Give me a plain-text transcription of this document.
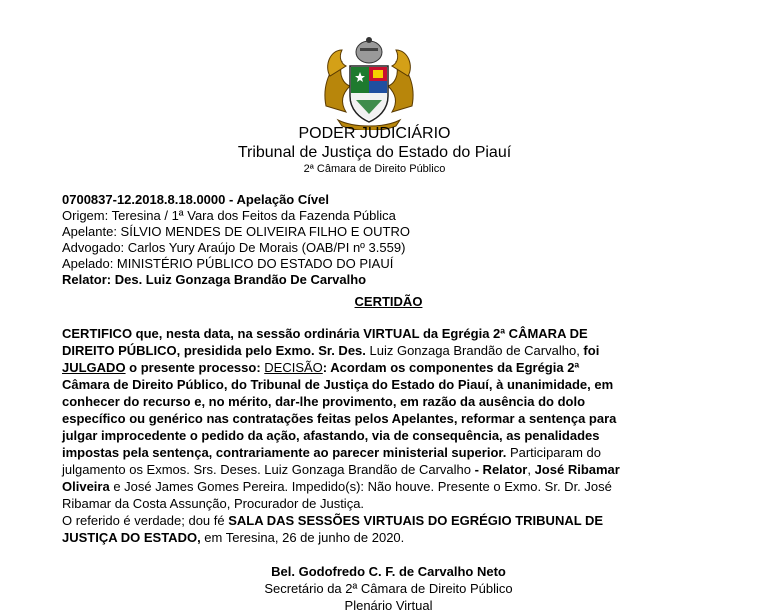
PODER JUDICIÁRIO
Tribunal de Justiça do Estado do Piauí
2ª Câmara de Direito Público
0700837-12.2018.8.18.0000 - Apelação Cível
Origem: Teresina / 1ª Vara dos Feitos da Fazenda Pública
Apelante: SÍLVIO MENDES DE OLIVEIRA FILHO E OUTRO
Advogado: Carlos Yury Araújo De Morais (OAB/PI nº 3.559)
Apelado: MINISTÉRIO PÚBLICO DO ESTADO DO PIAUÍ
Relator: Des. Luiz Gonzaga Brandão De Carvalho
CERTIDÃO
CERTIFICO que, nesta data, na sessão ordinária VIRTUAL da Egrégia 2ª CÂMARA DE
DIREITO PÚBLICO, presidida pelo Exmo. Sr. Des. Luiz Gonzaga Brandão de Carvalho, foi
JULGADO o presente processo: DECISÃO: Acordam os componentes da Egrégia 2ª
Câmara de Direito Público, do Tribunal de Justiça do Estado do Piauí, à unanimidade, em
conhecer do recurso e, no mérito, dar-lhe provimento, em razão da ausência do dolo
específico ou genérico nas contratações feitas pelos Apelantes, reformar a sentença para
julgar improcedente o pedido da ação, afastando, via de consequência, as penalidades
impostas pela sentença, contrariamente ao parecer ministerial superior. Participaram do
julgamento os Exmos. Srs. Deses. Luiz Gonzaga Brandão de Carvalho - Relator, José Ribamar
Oliveira e José James Gomes Pereira. Impedido(s): Não houve. Presente o Exmo. Sr. Dr. José
Ribamar da Costa Assunção, Procurador de Justiça.
O referido é verdade; dou fé SALA DAS SESSÕES VIRTUAIS DO EGRÉGIO TRIBUNAL DE
JUSTIÇA DO ESTADO, em Teresina, 26 de junho de 2020.
Bel. Godofredo C. F. de Carvalho Neto
Secretário da 2ª Câmara de Direito Público
Plenário Virtual
